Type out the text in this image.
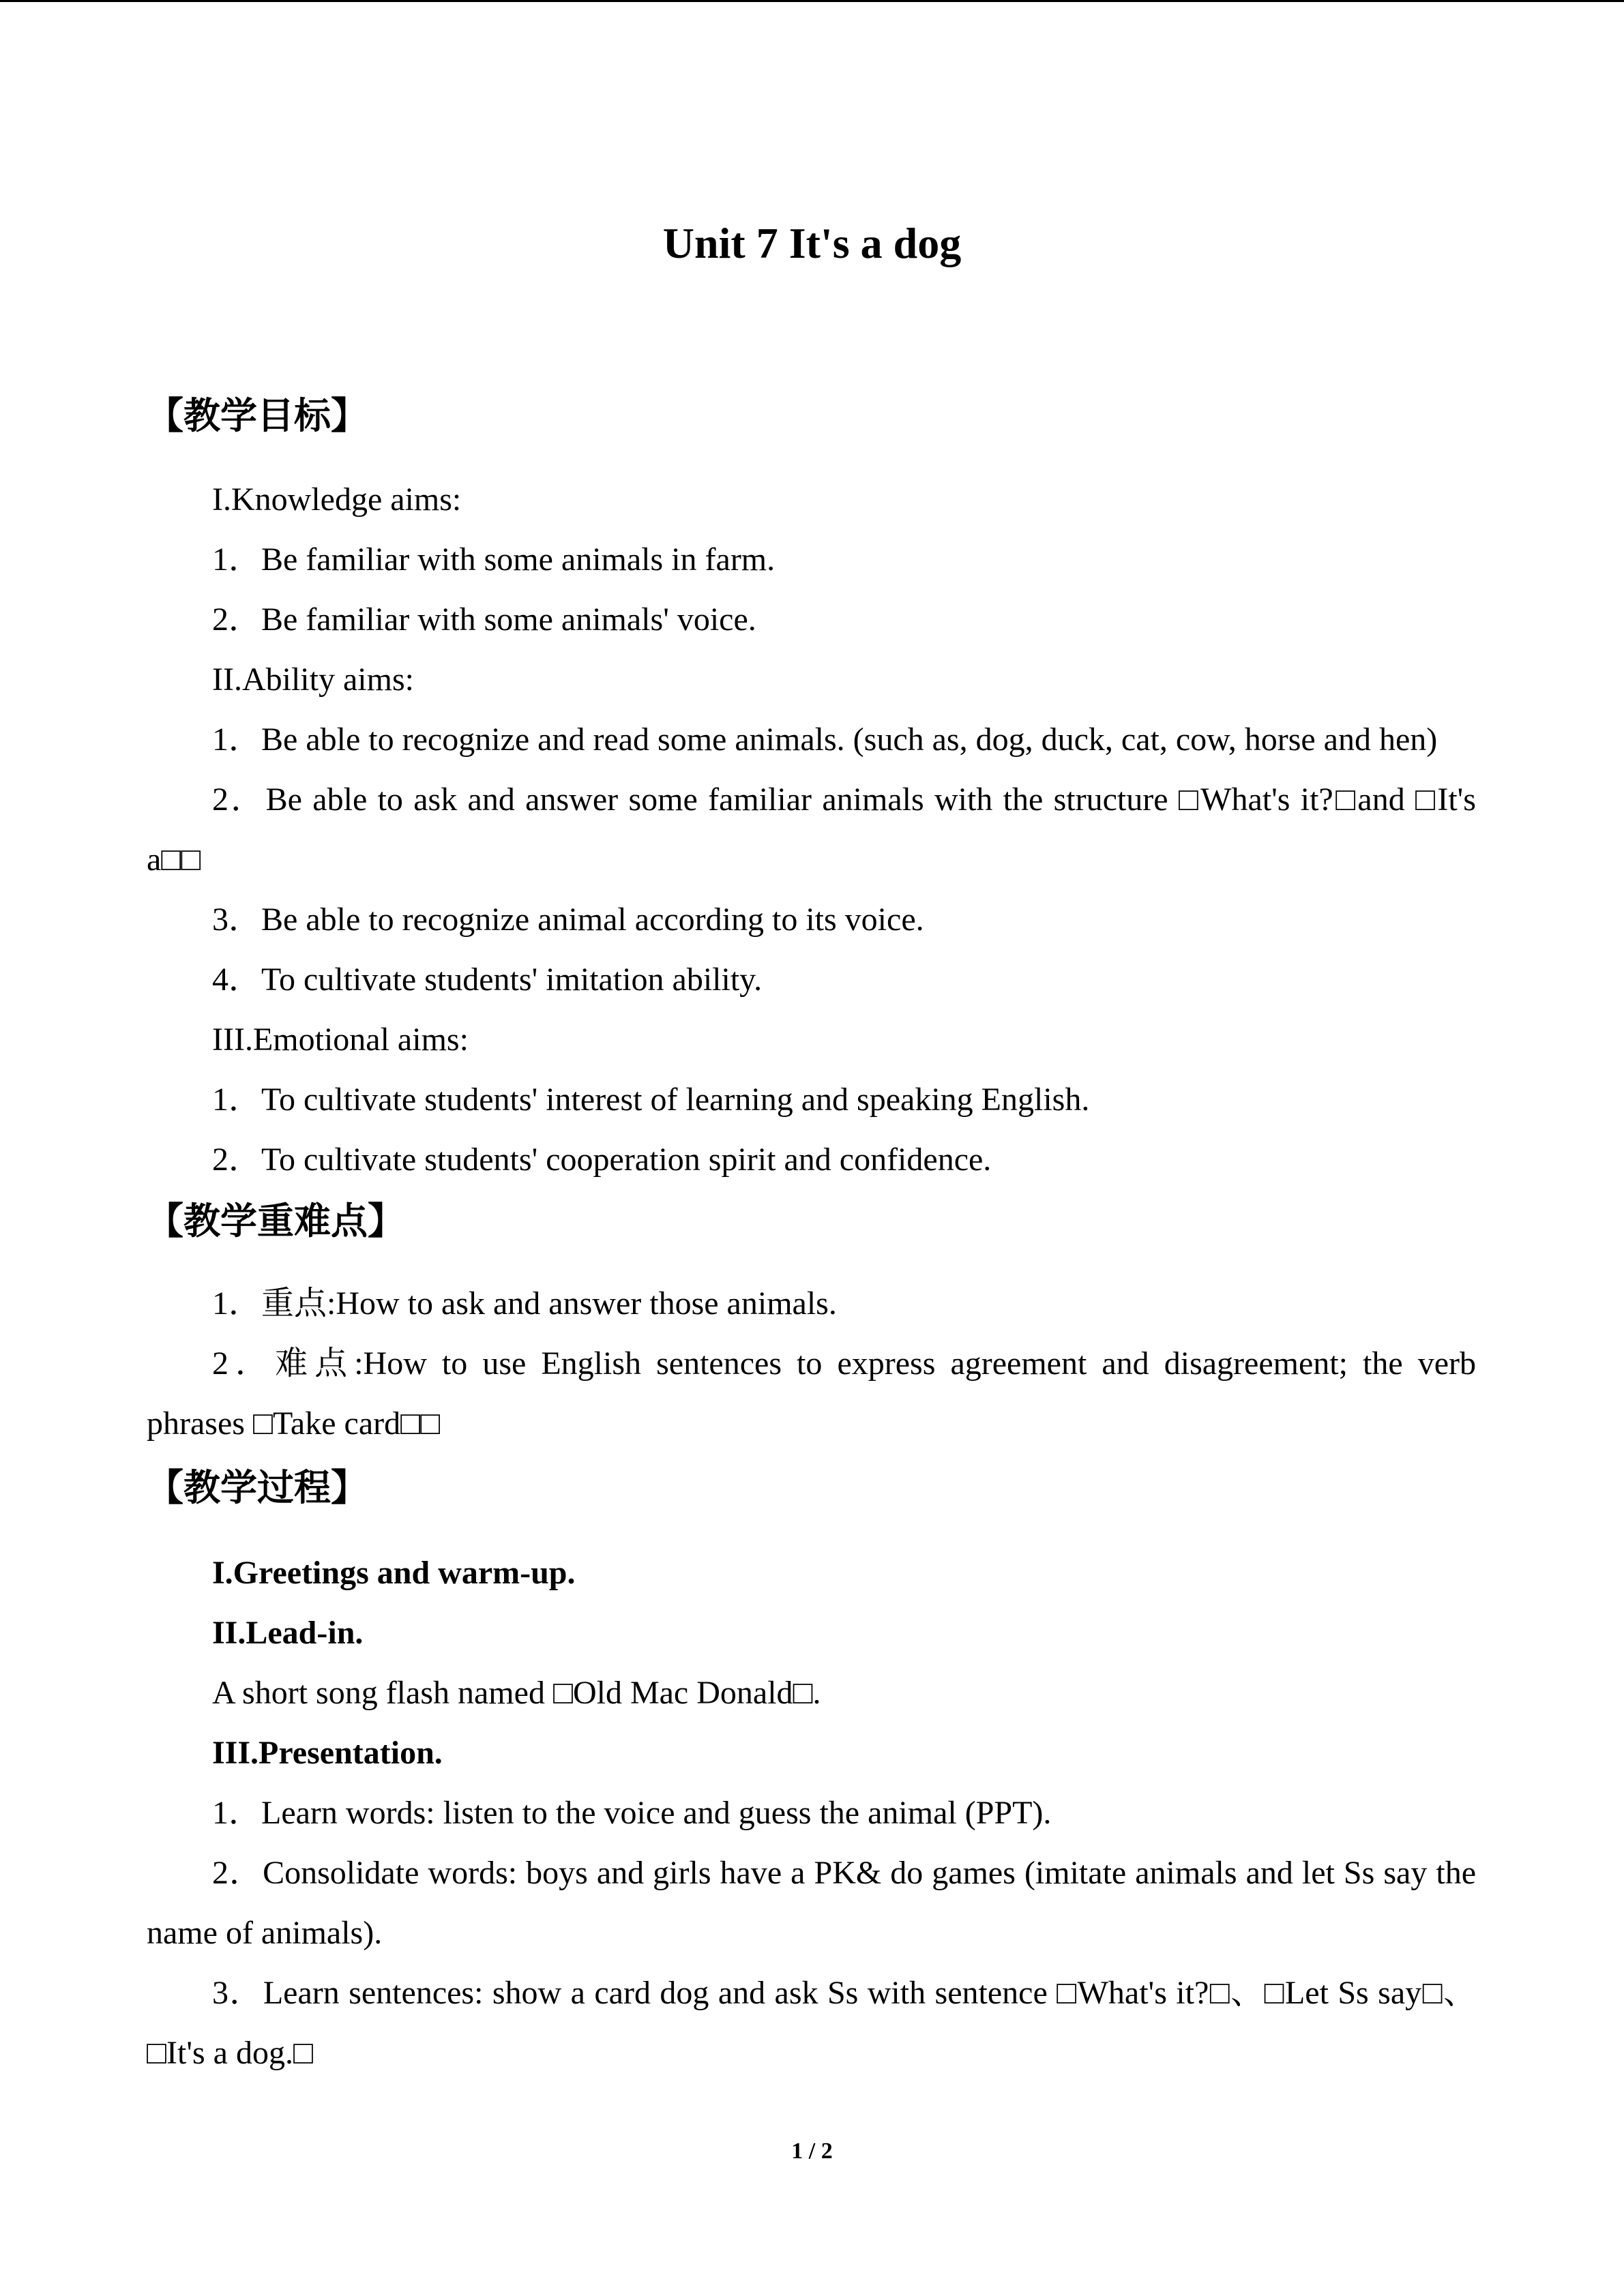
Unit 7 It's a dog
【教学目标】
I.Knowledge aims:
1．Be familiar with some animals in farm.
2．Be familiar with some animals' voice.
II.Ability aims:
1．Be able to recognize and read some animals. (such as, dog, duck, cat, cow, horse and hen)
2．Be able to ask and answer some familiar animals with the structure □What's it?□and □It's
a□□
3．Be able to recognize animal according to its voice.
4．To cultivate students' imitation ability.
III.Emotional aims:
1．To cultivate students' interest of learning and speaking English.
2．To cultivate students' cooperation spirit and confidence.
【教学重难点】
1．重点:How to ask and answer those animals.
2．难点:How to use English sentences to express agreement and disagreement; the verb
phrases □Take card□□
【教学过程】
I.Greetings and warm-up.
II.Lead-in.
A short song flash named □Old Mac Donald□.
III.Presentation.
1．Learn words: listen to the voice and guess the animal (PPT).
2．Consolidate words: boys and girls have a PK& do games (imitate animals and let Ss say the
name of animals).
3．Learn sentences: show a card dog and ask Ss with sentence □What's it?□、□Let Ss say□、
□It's a dog.□
1 / 2
